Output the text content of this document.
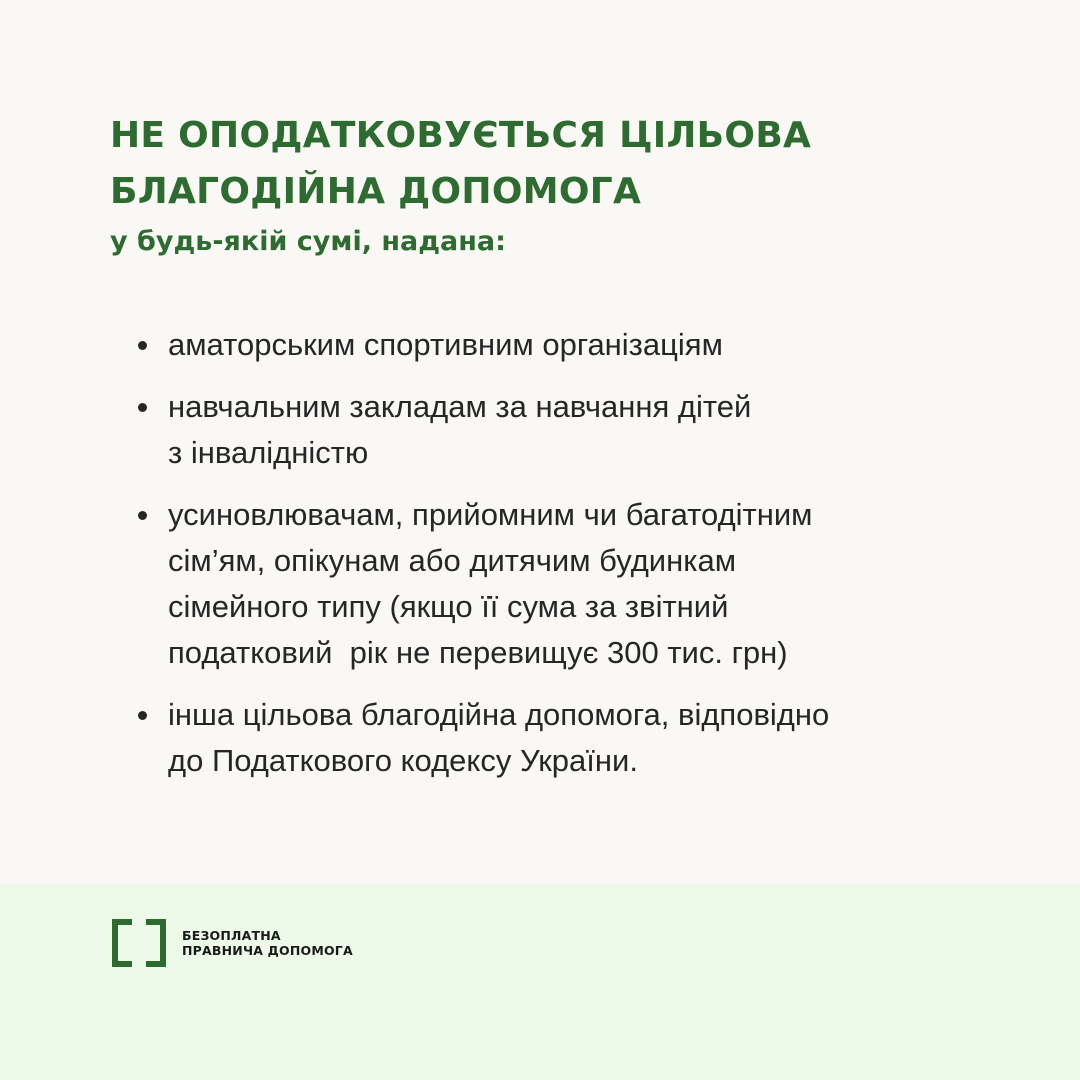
НЕ ОПОДАТКОВУЄТЬСЯ ЦІЛЬОВА
БЛАГОДІЙНА ДОПОМОГА

у будь-якій сумі, надана:

аматорським спортивним організаціям
навчальним закладам за навчання дітей
з інвалідністю
усиновлювачам, прийомним чи багатодітним
сім’ям, опікунам або дитячим будинкам
сімейного типу (якщо її сума за звітний
податковий  рік не перевищує 300 тис. грн)
інша цільова благодійна допомога, відповідно
до Податкового кодексу України.
БЕЗОПЛАТНА
ПРАВНИЧА ДОПОМОГА
